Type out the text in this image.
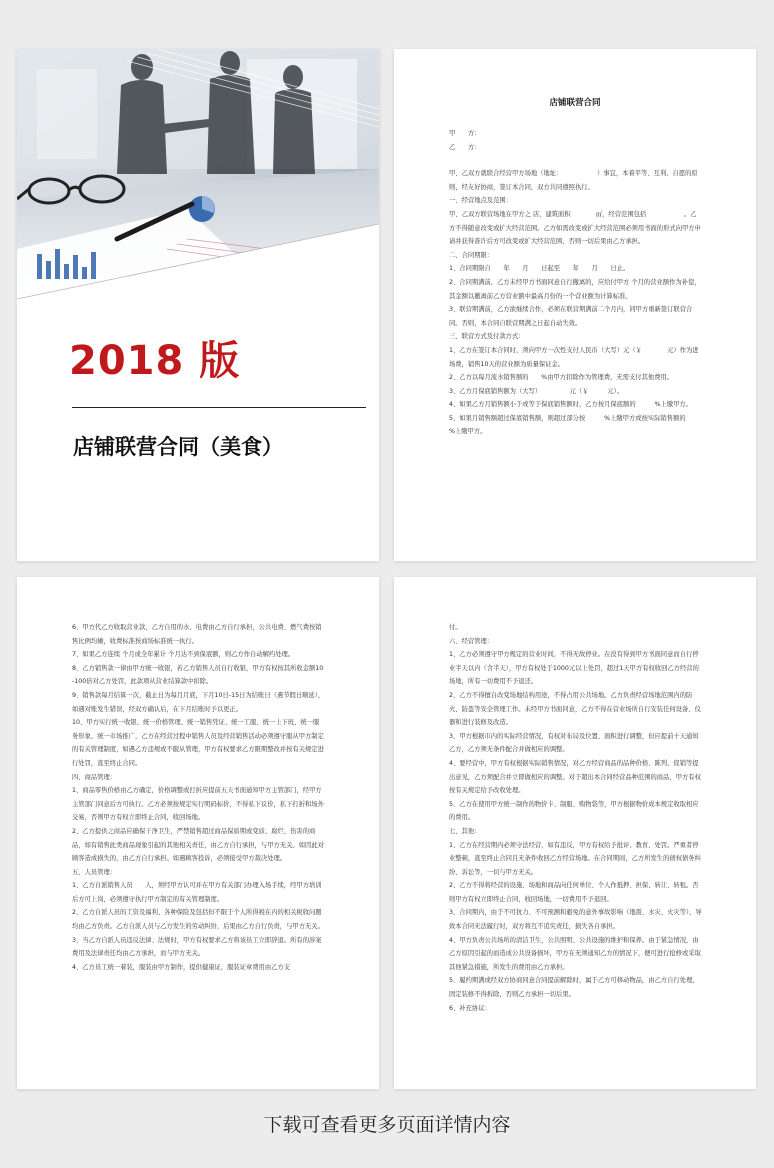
2018 版
店铺联营合同（美食）
店铺联营合同

甲　　方：

乙　　方：

甲、乙双方就联合经营甲方场地（地址：　　　　　　）事宜，本着平等、互利、自愿的原则，经友好协商，签订本合同，双方共同遵照执行。

一、经营地点及范围：

甲、乙双方联营场地在甲方之 店，建筑面积　　　　㎡，经营范围包括　　　　　　。乙方不得随意改变或扩大经营范围。乙方如需改变或扩大经营范围必须用书面的形式向甲方申请并获得准许后方可改变或扩大经营范围，否则一切后果由乙方承担。

二、合同期限：

1、合同期限自　　年　　月　　日起至　　年　　月　　日止。

2、合同期满前，乙方未经甲方书面同意自行撤离的，应给付甲方 个月的营业额作为补偿，其金额以撤离前乙方营业额中最高月份的一个营业额为计算标准。

3、联营期满前，乙方欲继续合作，必须在联营期满前二个月内，同甲方重新签订联营合同。否则，本合同自联营期满之日起自动失效。

三、联营方式及付款方式：

1、乙方在签订本合同时，须向甲方一次性支付人民币（大写）元（￥　　　　元）作为进场费，销售10天的营业额为质量保证金。

2、乙方以每月流水销售额的　　%由甲方扣除作为管理费，无需支付其他费用。

3、乙方月保底销售额为（大写）　　　　　元（￥　　　元）。

4、如果乙方月销售额小于或等于保底销售额时，乙方按月保底额的　　　%上缴甲方。

5、如果月销售额超过保底销售额，则超过部分按　　　%上缴甲方或按实际销售额的　　%上缴甲方。

6、甲方代乙方收取营业款，乙方自用的水、电费由乙方自行承担，公共电费、燃气费按销售比例均摊，收费标准按商场标准统一执行。

7、如果乙方连续 个月或全年累计 个月达不到保底额，则乙方作自动解约处理。

8、乙方销售款一律由甲方统一收银，若乙方销售人员自行收银，甲方有权按其所收金额10-100倍对乙方处罚，此款项从营业结算款中扣除。

9、销售款每月结算一次，截止日为每月月底，下月10日-15日为结账日（遇节假日顺延），如遇对账发生错误，经双方确认后，在下月结账时予以更正。

10、甲方实行统一收银、统一价格管理、统一销售凭证、统一工服、统一上下班、统一服务形象、统一市场推广，乙方在经营过程中销售人员及经营销售活动必须遵守服从甲方制定的有关管理制度，如遇乙方违规或不服从管理，甲方有权要求乙方限期整改并按有关规定进行处罚，直至终止合同。

四、商品管理：

1、商品零售价格由乙方确定，价格调整或打折应提前五天书面通知甲方主管部门，经甲方主管部门同意后方可执行。乙方必须按规定实行明码标价，不得私下议价，私下打折和场外交易，否则甲方有权立即终止合同，收回场地。

2、乙方提供之商品应确保干净卫生，严禁销售超过商品保质期或变质、腐烂、伤害的商品，如有销售此类商品现象引起的其他相关责任，由乙方自行承担，与甲方无关。如因此对顾客造成损失的，由乙方自行承担。如遇顾客投诉，必须接受甲方裁决处理。

五、人员管理：

1、乙方自派销售人员　　人，须经甲方认可并在甲方有关部门办理入场手续，经甲方培训后方可上岗，必须遵守执行甲方制定的有关管理制度。

2、乙方自派人员的工资及福利、各种保险及包括但不限于个人所得税在内的相关税收问题均由乙方负责。乙方自派人员与乙方发生的劳动纠纷，后果由乙方自行负责，与甲方无关。

3、当乙方自派人员违反法律、法规时，甲方有权要求乙方将该员工立即辞退。所有的涉案费用及法律责任均由乙方承担，而与甲方无关。

4、乙方员工统一着装，服装由甲方制作，提供健康证，服装证章费用由乙方支

付。

六、经营管理：

1、乙方必须遵守甲方规定的营业时间，不得无故停业。在没有得到甲方书面同意而自行停业半天以内（含半天），甲方有权处于1000元以上处罚，超过1天甲方有权收回乙方经营的场地，所有一切费用不予退还。

2、乙方不得擅自改变场地结构用途，不得占用公共场地。乙方负责经营场地范围内的防火、防盗等安全管理工作。未经甲方书面同意，乙方不得在营业场所自行安装任何设备、仪器和进行装修及改造。

3、甲方根据市内的实际经营情况，有权对布局及位置、面积进行调整，但应提前十天通知乙方，乙方须无条件配合并做相应的调整。

4、要经营中，甲方有权根据实际销售情况，对乙方经营商品的品种价格、陈列、促销等提出意见，乙方须配合并立即做相应的调整。对于超出本合同经营品种范围的商品，甲方有权按有关规定给予改收处理。

5、乙方在使用甲方统一制作的物价卡、制服、购物袋等，甲方根据物价成本规定收取相应的费用。

七、其他：

1、乙方在经营期内必须守法经营，如有违反，甲方有权给予批评、教育、处罚。严重者停业整顿，直至终止合同且无条件收回乙方经营场地。在合同期间，乙方所发生的债权债务纠纷、诉讼等，一切与甲方无关。

2、乙方不得将经营的设施、场地和商品向任何单位、个人作抵押、担保、转让、转租。否则甲方有权立即终止合同，收回场地，一切费用不予退回。

3、合同期内，由于不可抗力、不可预测和避免的意外事故影响（地震、水灾、火灾等），导致本合同无法履行时，双方将互不追究责任，损失各自承担。

4、甲方负责公共场所的清洁卫生，公共照明、公共设施的维护和保养。由于紧急情况，由乙方原因引起的而造成公共设备损坏，甲方在无须通知乙方的情况下，便可进行抢修或采取其他紧急措施，所发生的费用由乙方承担。

5、履约期满或经双方协商同意合同提前解除时，属于乙方可移动物品，由乙方自行处理，固定装修不得拆除，否则乙方承担一切后果。

6、补充协议：

下载可查看更多页面详情内容
